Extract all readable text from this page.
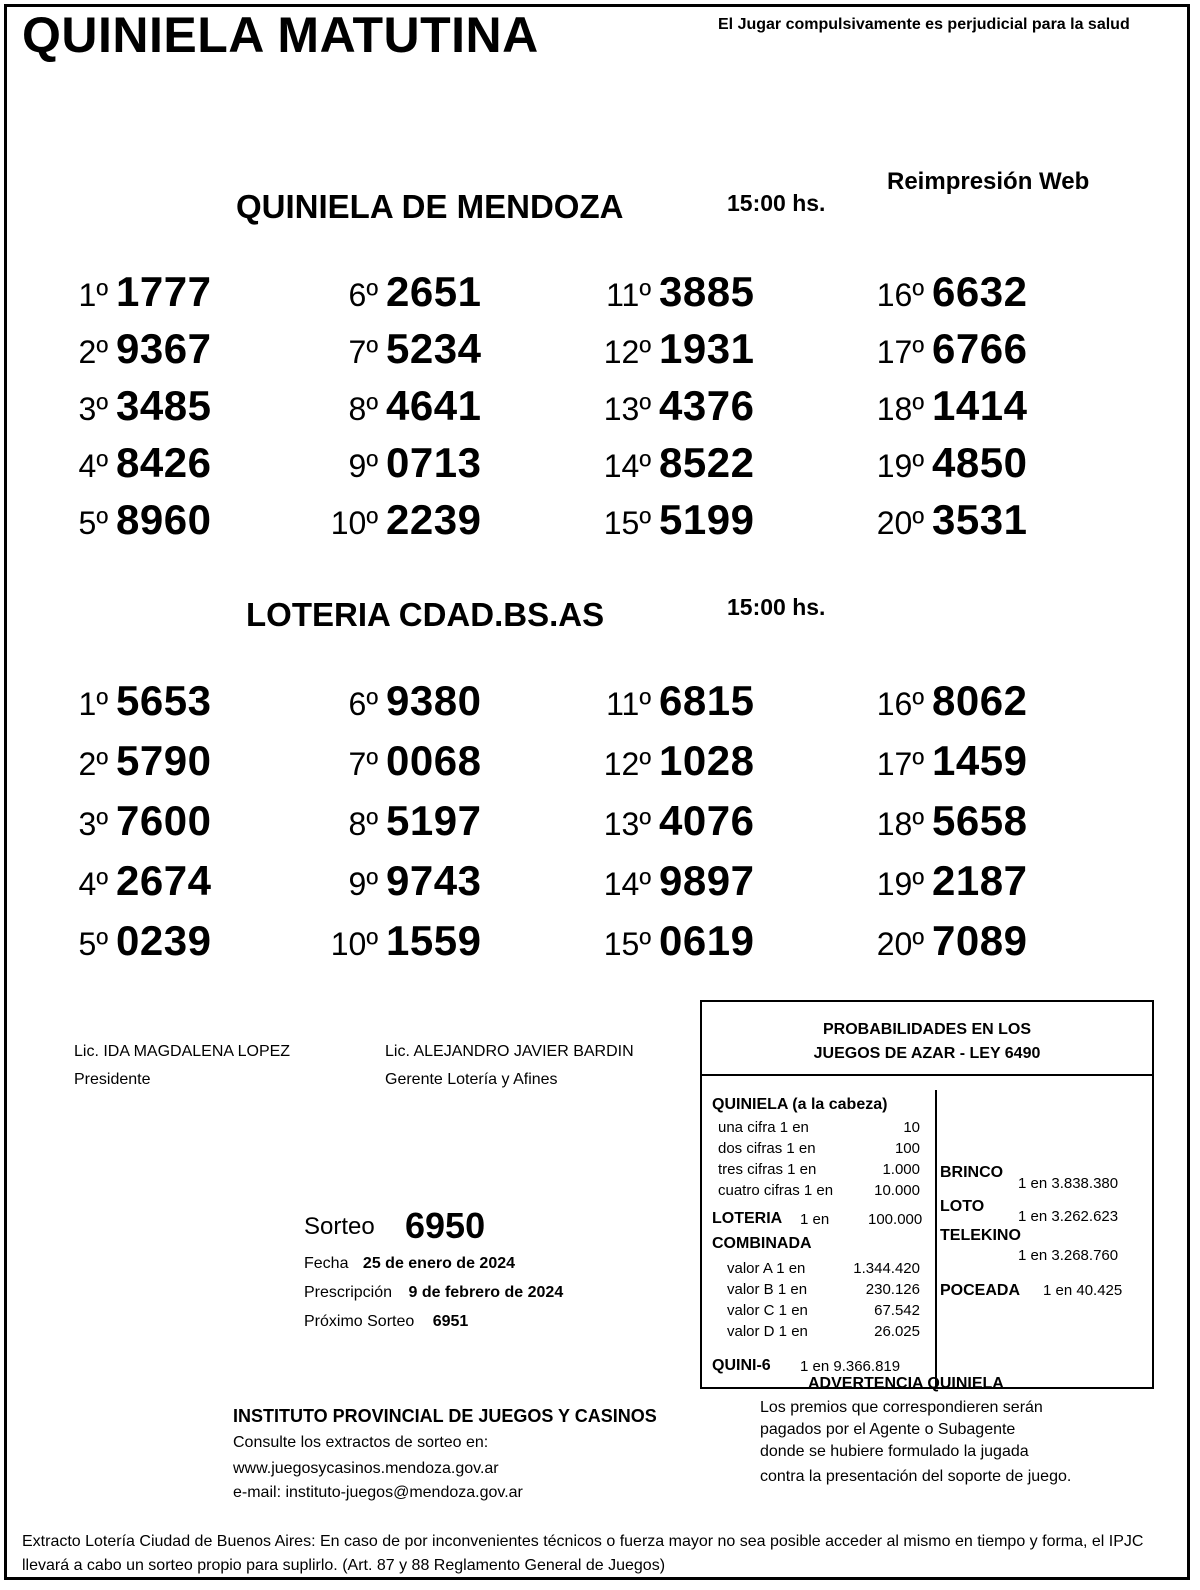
QUINIELA MATUTINA	El Jugar compulsivamente es perjudicial para la salud
Reimpresión Web
QUINIELA DE MENDOZA	15:00 hs.
1º 1777
2º 9367
3º 3485
4º 8426
5º 8960
6º 2651
7º 5234
8º 4641
9º 0713
10º 2239
11º 3885
12º 1931
13º 4376
14º 8522
15º 5199
16º 6632
17º 6766
18º 1414
19º 4850
20º 3531
LOTERIA CDAD.BS.AS	15:00 hs.
1º 5653
2º 5790
3º 7600
4º 2674
5º 0239
6º 9380
7º 0068
8º 5197
9º 9743
10º 1559
11º 6815
12º 1028
13º 4076
14º 9897
15º 0619
16º 8062
17º 1459
18º 5658
19º 2187
20º 7089
Lic. IDA MAGDALENA LOPEZ
Presidente
Lic. ALEJANDRO JAVIER BARDIN
Gerente Lotería y Afines
Sorteo 6950
Fecha 25 de enero de 2024
Prescripción 9 de febrero de 2024
Próximo Sorteo 6951
PROBABILIDADES EN LOS
JUEGOS DE AZAR - LEY 6490
QUINIELA (a la cabeza)
una cifra 1 en	10
dos cifras 1 en	100
tres cifras 1 en	1.000
cuatro cifras 1 en	10.000
LOTERIA 1 en	100.000
COMBINADA
valor A 1 en	1.344.420
valor B 1 en	230.126
valor C 1 en	67.542
valor D 1 en	26.025
QUINI-6 1 en 9.366.819
BRINCO
1 en 3.838.380
LOTO
1 en 3.262.623
TELEKINO
1 en 3.268.760
POCEADA 1 en 40.425
ADVERTENCIA QUINIELA
Los premios que correspondieren serán
pagados por el Agente o Subagente
donde se hubiere formulado la jugada
contra la presentación del soporte de juego.
INSTITUTO PROVINCIAL DE JUEGOS Y CASINOS
Consulte los extractos de sorteo en:
www.juegosycasinos.mendoza.gov.ar
e-mail: instituto-juegos@mendoza.gov.ar
Extracto Lotería Ciudad de Buenos Aires: En caso de por inconvenientes técnicos o fuerza mayor no sea posible acceder al mismo en tiempo y forma, el IPJC llevará a cabo un sorteo propio para suplirlo. (Art. 87 y 88 Reglamento General de Juegos)
